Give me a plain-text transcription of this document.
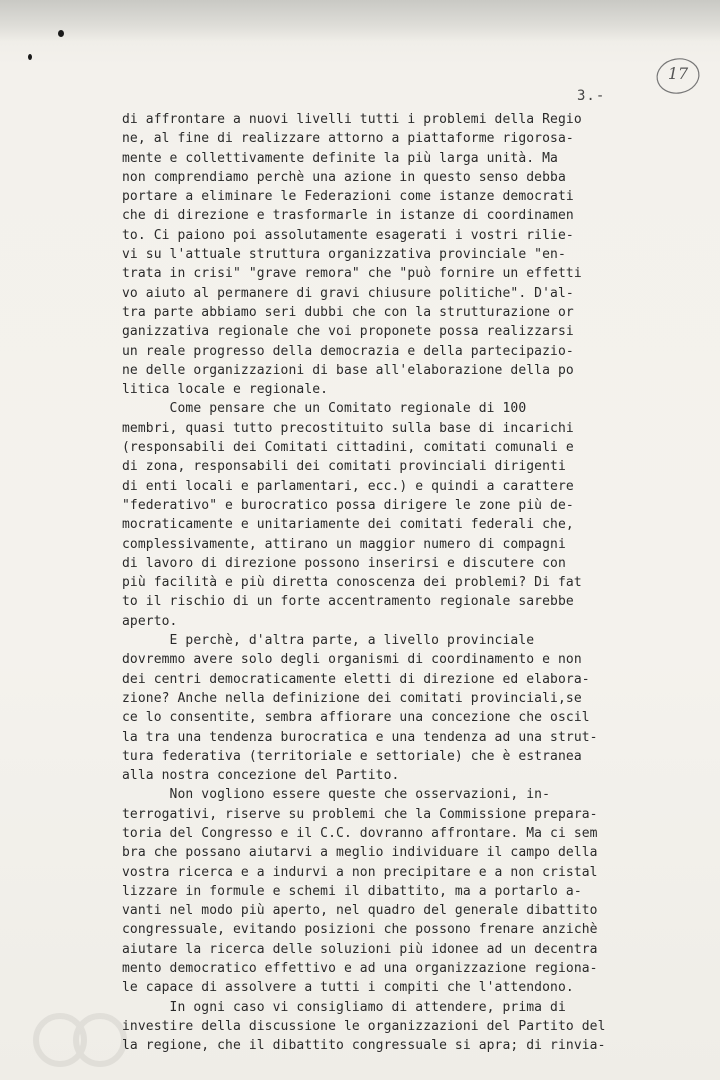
3.-
17
di affrontare a nuovi livelli tutti i problemi della Regio
ne, al fine di realizzare attorno a piattaforme rigorosa-
mente e collettivamente definite la più larga unità. Ma
non comprendiamo perchè una azione in questo senso debba
portare a eliminare le Federazioni come istanze democrati
che di direzione e trasformarle in istanze di coordinamen
to. Ci paiono poi assolutamente esagerati i vostri rilie-
vi su l'attuale struttura organizzativa provinciale "en-
trata in crisi" "grave remora" che "può fornire un effetti
vo aiuto al permanere di gravi chiusure politiche". D'al-
tra parte abbiamo seri dubbi che con la strutturazione or
ganizzativa regionale che voi proponete possa realizzarsi
un reale progresso della democrazia e della partecipazio-
ne delle organizzazioni di base all'elaborazione della po
litica locale e regionale.
Come pensare che un Comitato regionale di 100
membri, quasi tutto precostituito sulla base di incarichi
(responsabili dei Comitati cittadini, comitati comunali e
di zona, responsabili dei comitati provinciali dirigenti
di enti locali e parlamentari, ecc.) e quindi a carattere
"federativo" e burocratico possa dirigere le zone più de-
mocraticamente e unitariamente dei comitati federali che,
complessivamente, attirano un maggior numero di compagni
di lavoro di direzione possono inserirsi e discutere con
più facilità e più diretta conoscenza dei problemi? Di fat
to il rischio di un forte accentramento regionale sarebbe
aperto.
E perchè, d'altra parte, a livello provinciale
dovremmo avere solo degli organismi di coordinamento e non
dei centri democraticamente eletti di direzione ed elabora-
zione? Anche nella definizione dei comitati provinciali,se
ce lo consentite, sembra affiorare una concezione che oscil
la tra una tendenza burocratica e una tendenza ad una strut-
tura federativa (territoriale e settoriale) che è estranea
alla nostra concezione del Partito.
Non vogliono essere queste che osservazioni, in-
terrogativi, riserve su problemi che la Commissione prepara-
toria del Congresso e il C.C. dovranno affrontare. Ma ci sem
bra che possano aiutarvi a meglio individuare il campo della
vostra ricerca e a indurvi a non precipitare e a non cristal
lizzare in formule e schemi il dibattito, ma a portarlo a-
vanti nel modo più aperto, nel quadro del generale dibattito
congressuale, evitando posizioni che possono frenare anzichè
aiutare la ricerca delle soluzioni più idonee ad un decentra
mento democratico effettivo e ad una organizzazione regiona-
le capace di assolvere a tutti i compiti che l'attendono.
In ogni caso vi consigliamo di attendere, prima di
investire della discussione le organizzazioni del Partito del
la regione, che il dibattito congressuale si apra; di rinvia-
